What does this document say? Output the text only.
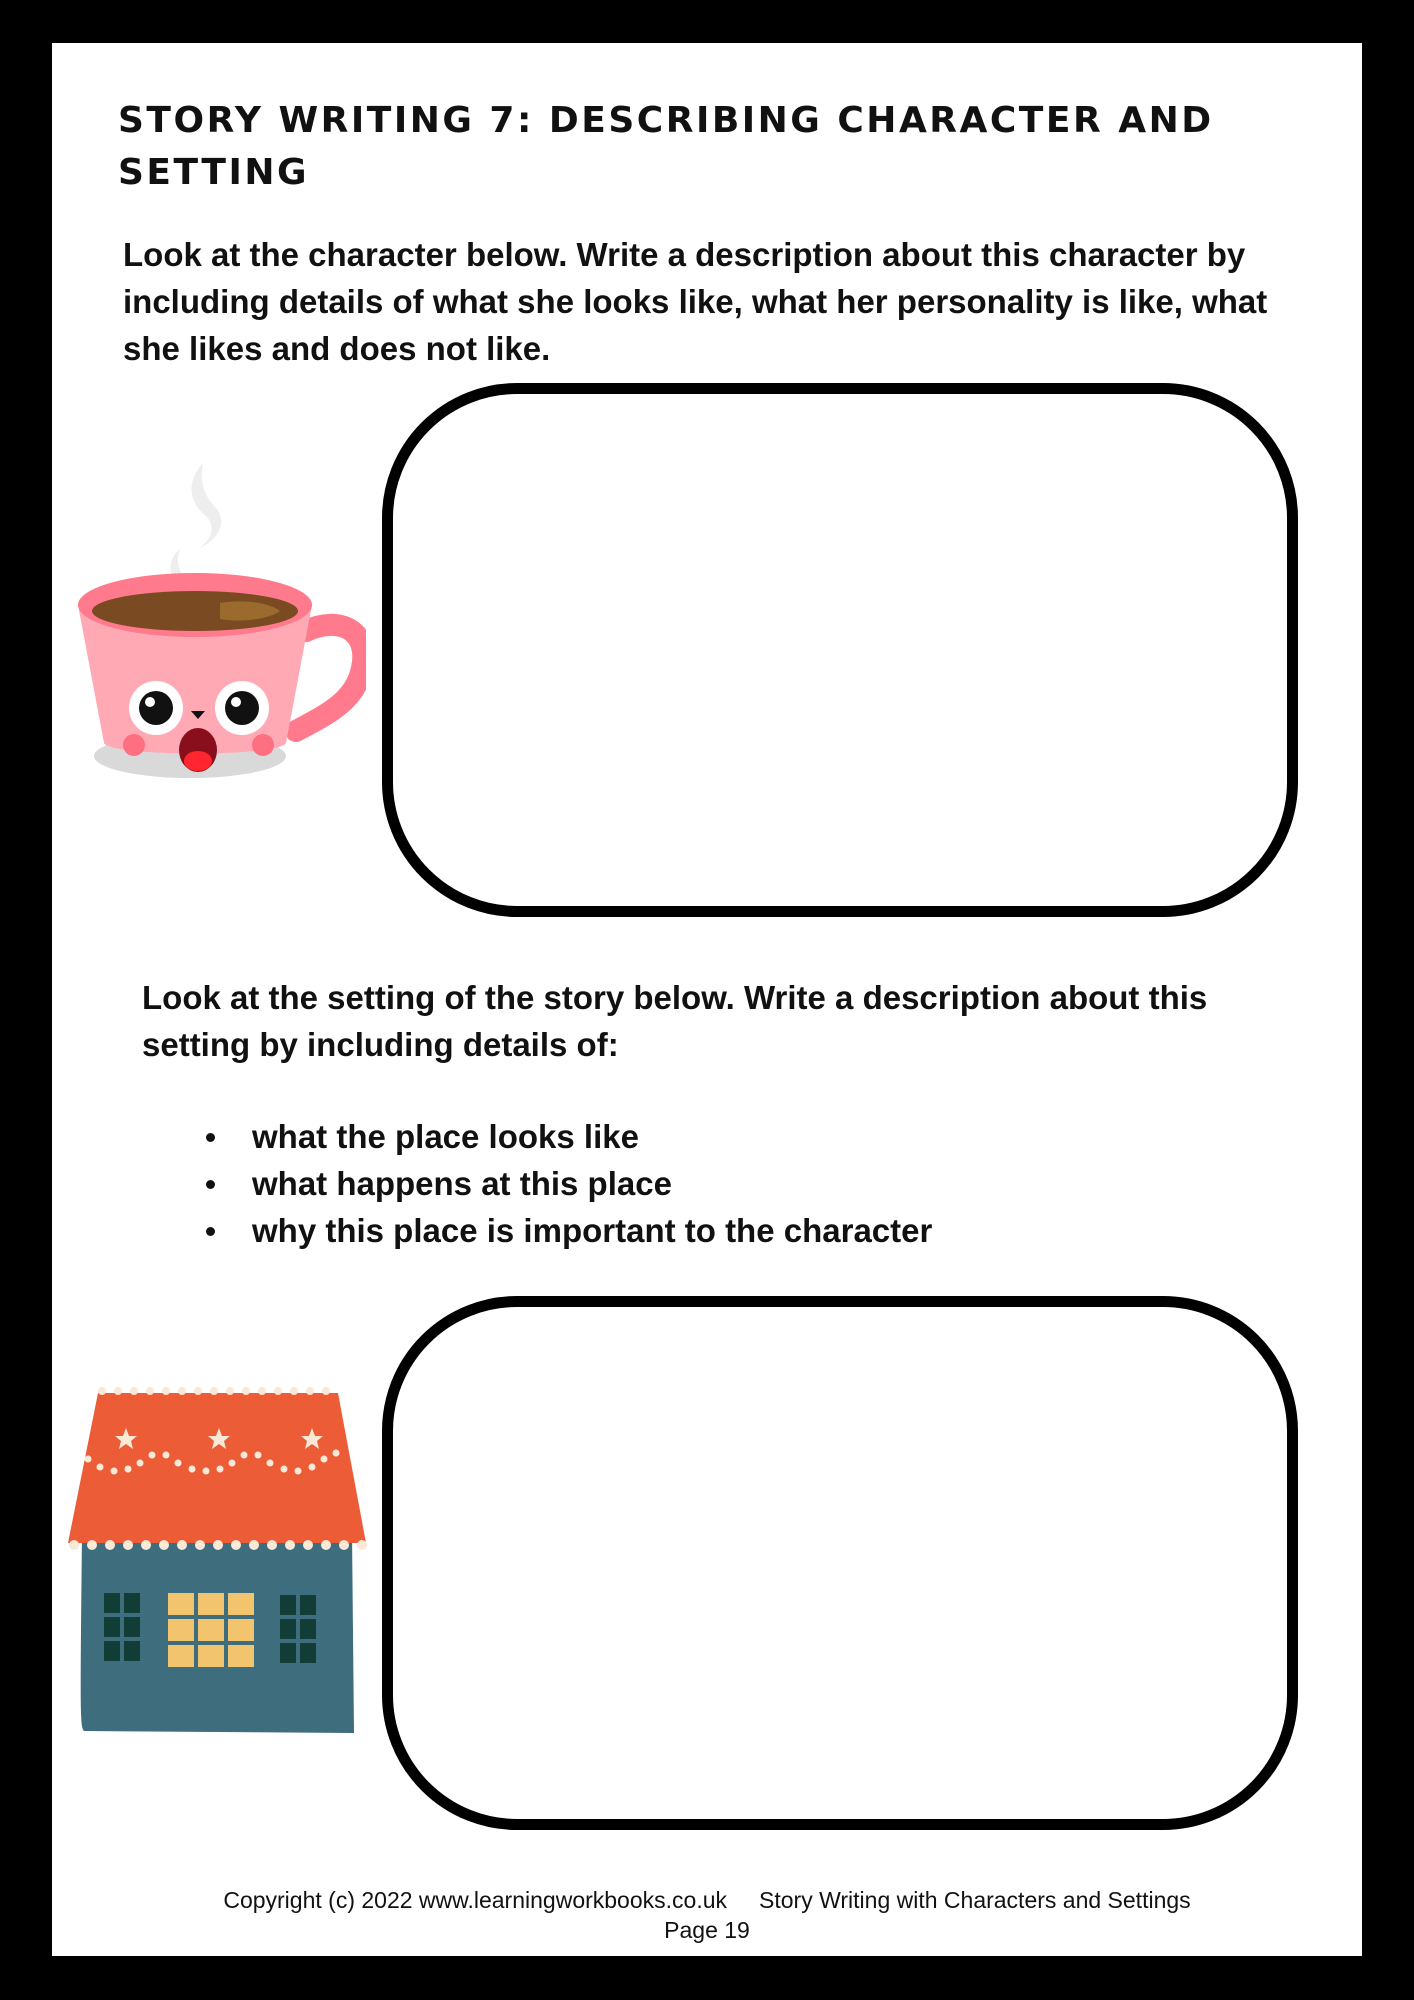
STORY WRITING 7: DESCRIBING CHARACTER AND SETTING

Look at the character below. Write a description about this character by including details of what she looks like, what her personality is like, what she likes and does not like.

Look at the setting of the story below. Write a description about this setting by including details of:

what the place looks like
what happens at this place
why this place is important to the character

Copyright (c) 2022 www.learningworkbooks.co.uk Story Writing with Characters and Settings
Page 19
